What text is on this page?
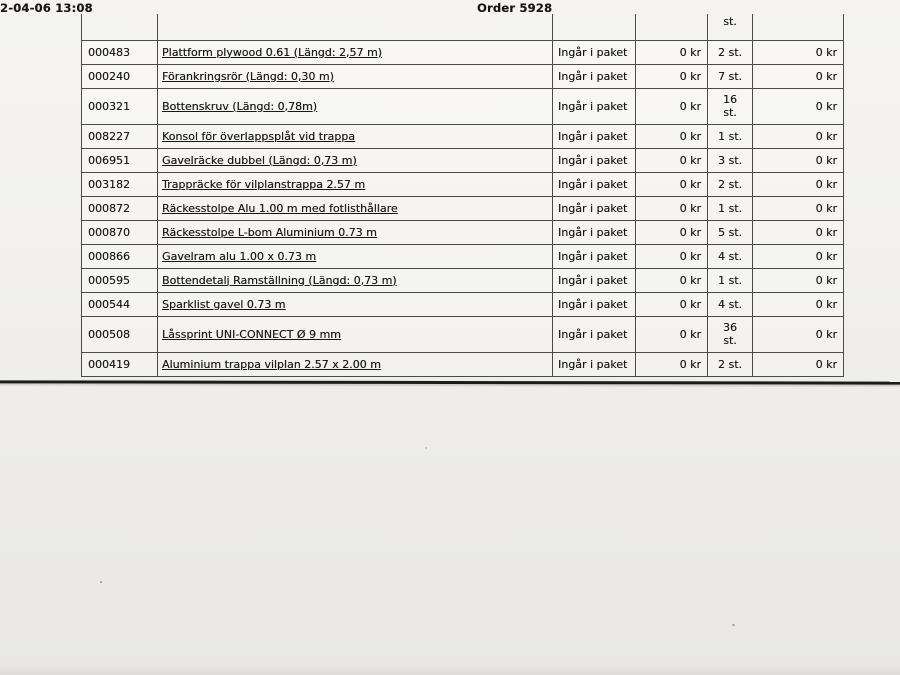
2-04-06 13:08	Order 5928
				st.	
000483	Plattform plywood 0.61 (Längd: 2,57 m)	Ingår i paket	0 kr	2 st.	0 kr
000240	Förankringsrör (Längd: 0,30 m)	Ingår i paket	0 kr	7 st.	0 kr
000321	Bottenskruv (Längd: 0,78m)	Ingår i paket	0 kr	16 st.	0 kr
008227	Konsol för överlappsplåt vid trappa	Ingår i paket	0 kr	1 st.	0 kr
006951	Gavelräcke dubbel (Längd: 0,73 m)	Ingår i paket	0 kr	3 st.	0 kr
003182	Trappräcke för vilplanstrappa 2.57 m	Ingår i paket	0 kr	2 st.	0 kr
000872	Räckesstolpe Alu 1.00 m med fotlisthållare	Ingår i paket	0 kr	1 st.	0 kr
000870	Räckesstolpe L-bom Aluminium 0.73 m	Ingår i paket	0 kr	5 st.	0 kr
000866	Gavelram alu 1.00 x 0.73 m	Ingår i paket	0 kr	4 st.	0 kr
000595	Bottendetalj Ramställning (Längd: 0,73 m)	Ingår i paket	0 kr	1 st.	0 kr
000544	Sparklist gavel 0.73 m	Ingår i paket	0 kr	4 st.	0 kr
000508	Låssprint UNI-CONNECT Ø 9 mm	Ingår i paket	0 kr	36 st.	0 kr
000419	Aluminium trappa vilplan 2.57 x 2.00 m	Ingår i paket	0 kr	2 st.	0 kr
